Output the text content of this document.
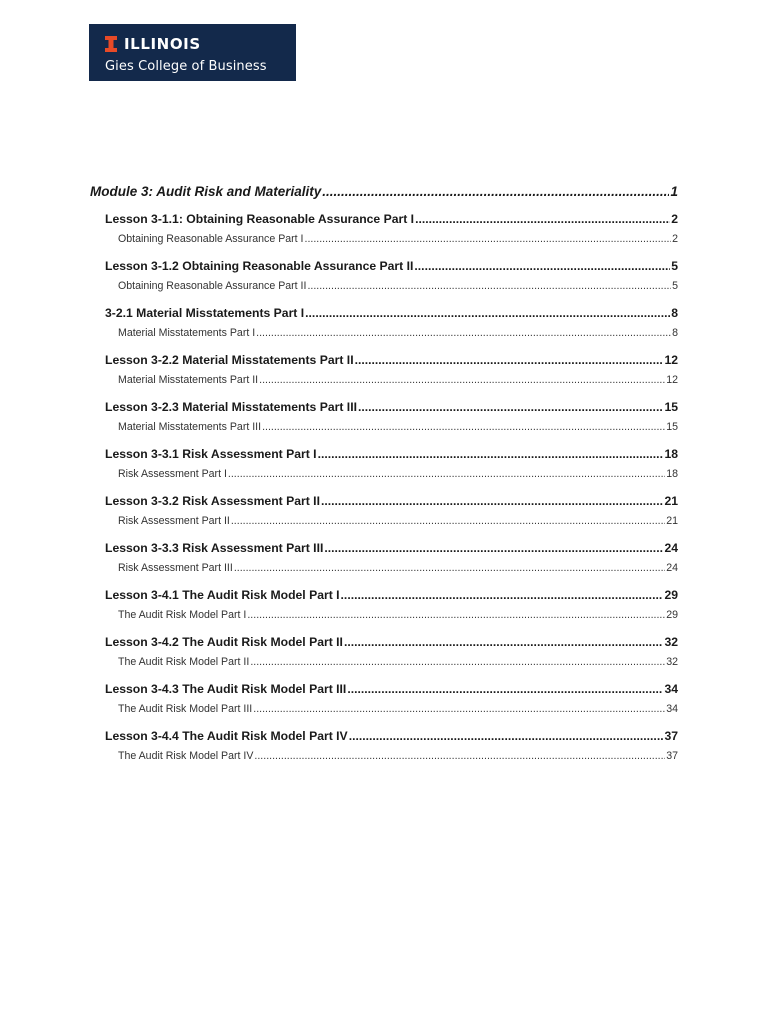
ILLINOIS
Gies College of Business
Module 3: Audit Risk and Materiality .....	1
Lesson 3-1.1: Obtaining Reasonable Assurance Part I .....	2
Obtaining Reasonable Assurance Part I .....	2
Lesson 3-1.2 Obtaining Reasonable Assurance Part II .....	5
Obtaining Reasonable Assurance Part II .....	5
3-2.1 Material Misstatements Part I .....	8
Material Misstatements Part I .....	8
Lesson 3-2.2 Material Misstatements Part II .....	12
Material Misstatements Part II .....	12
Lesson 3-2.3 Material Misstatements Part III .....	15
Material Misstatements Part III .....	15
Lesson 3-3.1 Risk Assessment Part I .....	18
Risk Assessment Part I .....	18
Lesson 3-3.2 Risk Assessment Part II .....	21
Risk Assessment Part II .....	21
Lesson 3-3.3 Risk Assessment Part III .....	24
Risk Assessment Part III .....	24
Lesson 3-4.1 The Audit Risk Model Part I .....	29
The Audit Risk Model Part I .....	29
Lesson 3-4.2 The Audit Risk Model Part II .....	32
The Audit Risk Model Part II .....	32
Lesson 3-4.3 The Audit Risk Model Part III .....	34
The Audit Risk Model Part III .....	34
Lesson 3-4.4 The Audit Risk Model Part IV .....	37
The Audit Risk Model Part IV .....	37
